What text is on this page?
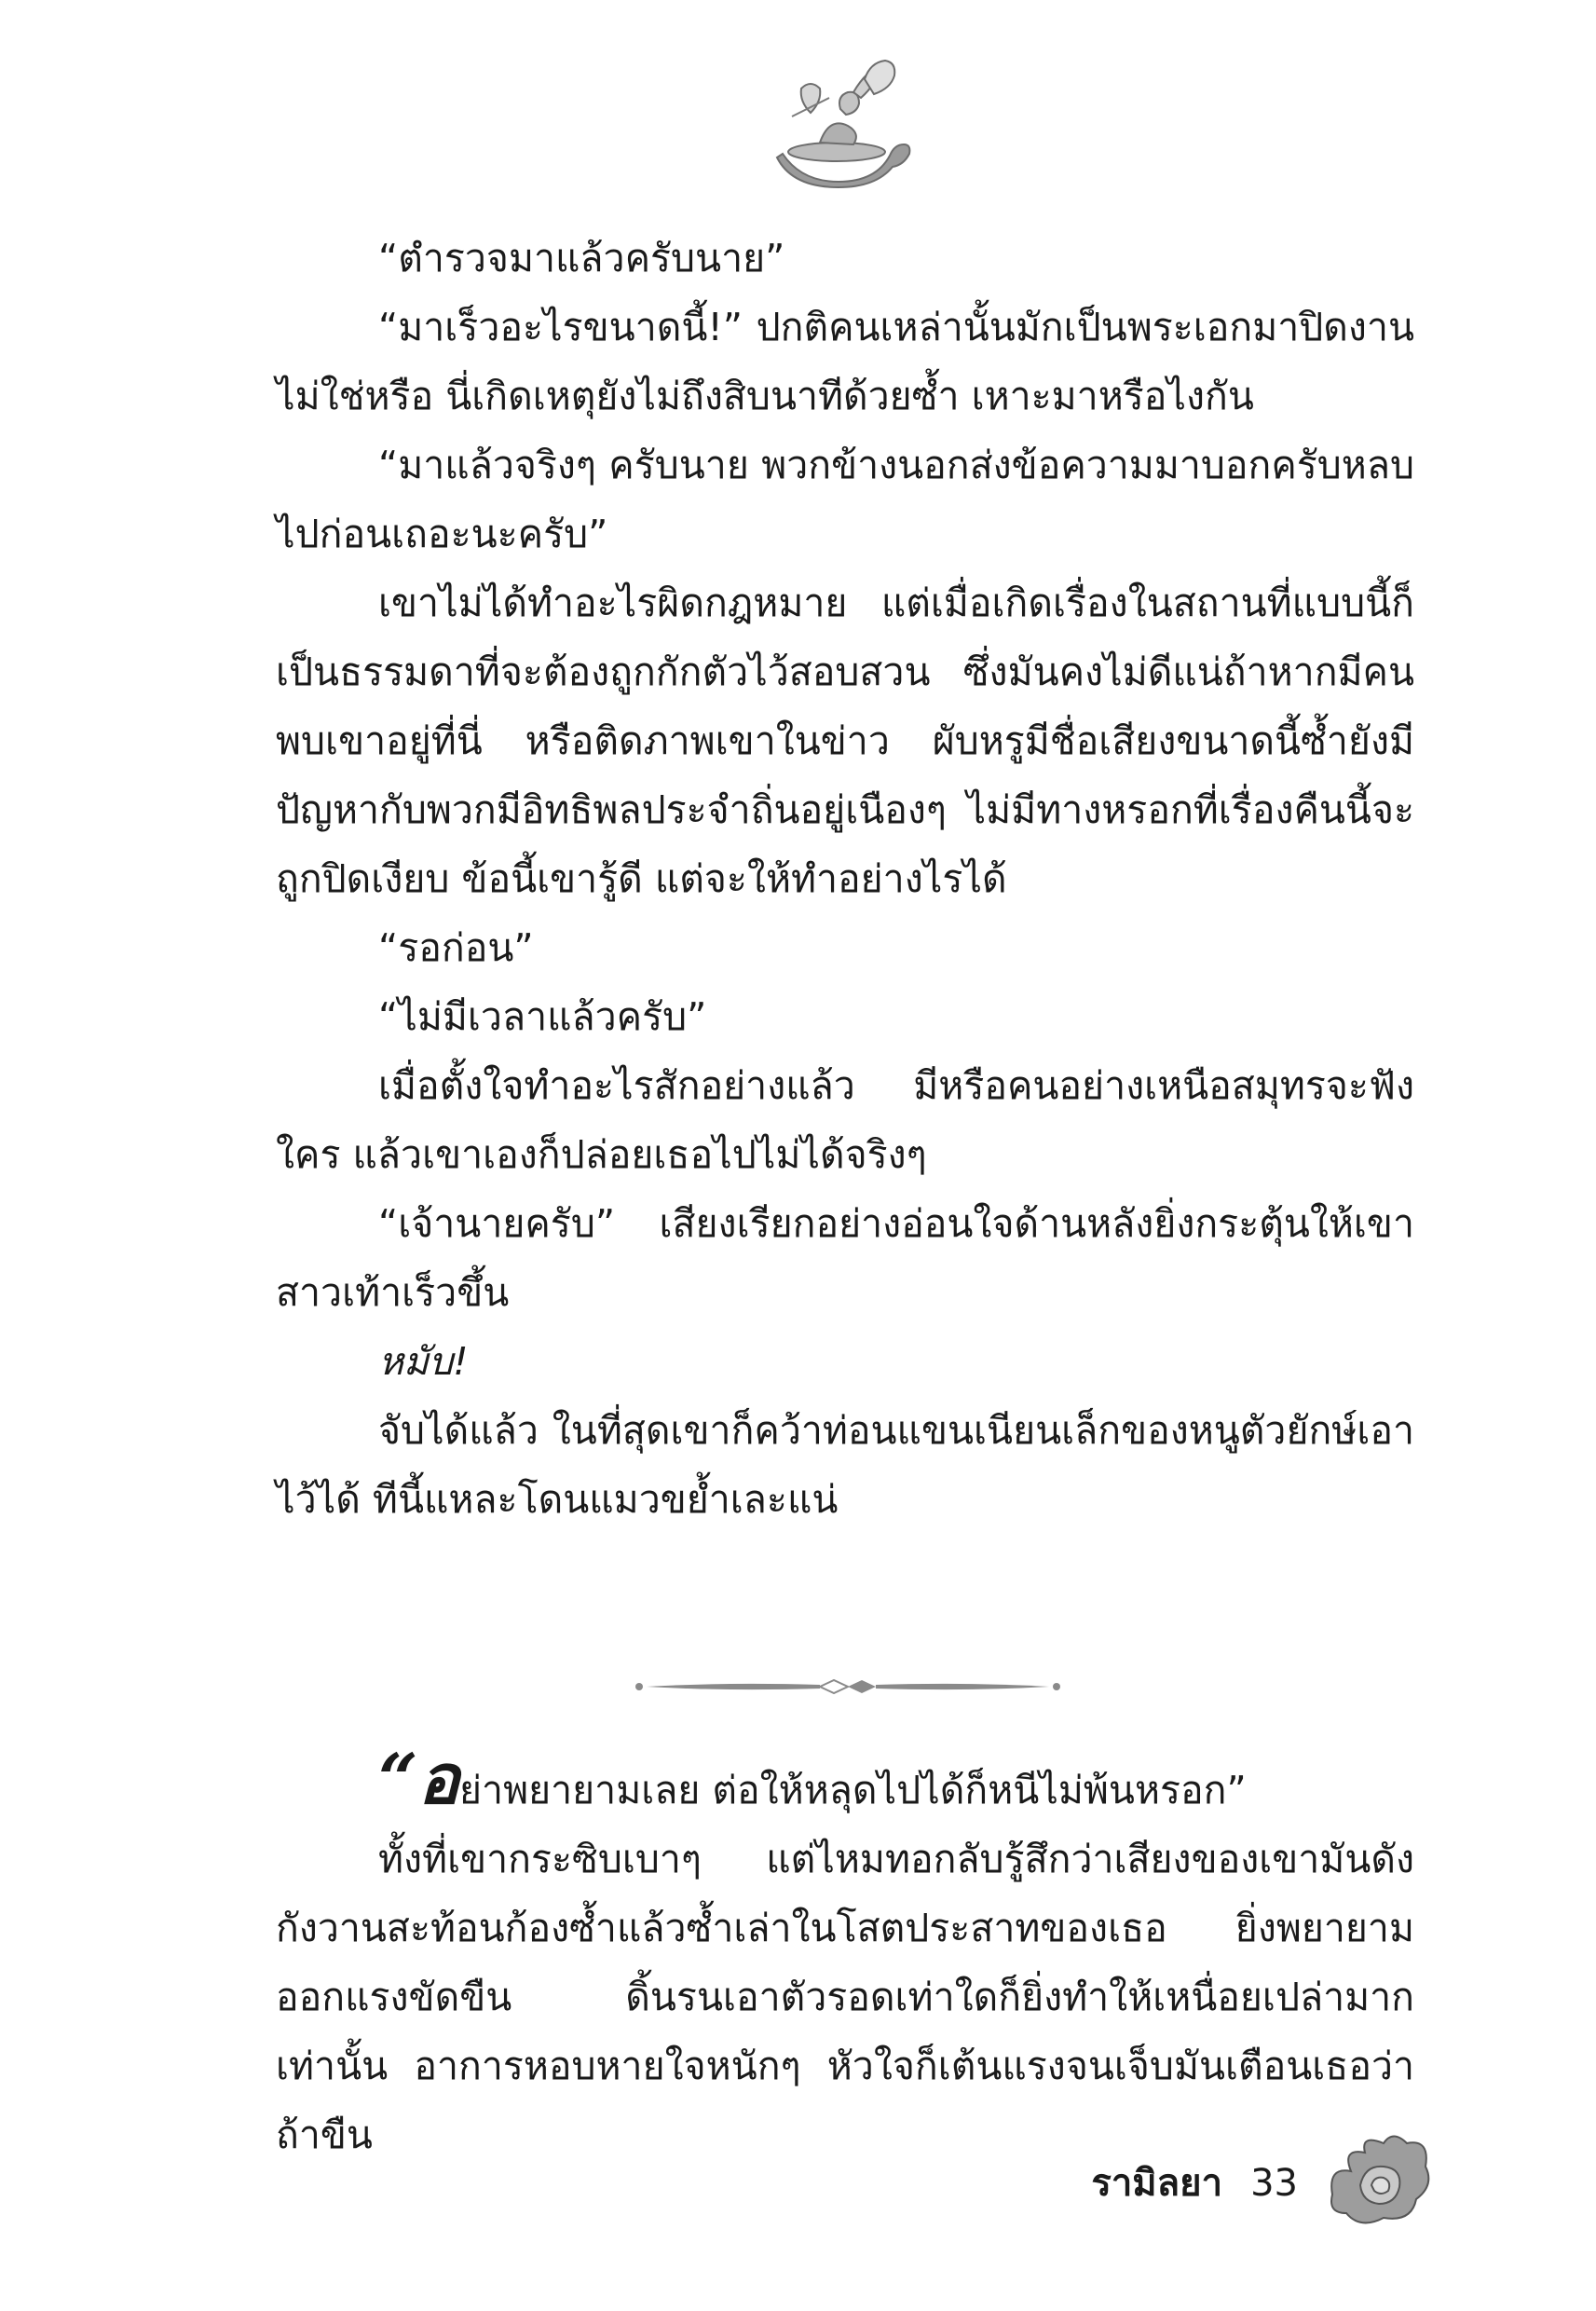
“ตำรวจมาแล้วครับนาย”

“มาเร็วอะไรขนาดนี้!” ปกติคนเหล่านั้นมักเป็นพระเอกมาปิดงานไม่ใช่หรือ นี่เกิดเหตุยังไม่ถึงสิบนาทีด้วยซ้ำ เหาะมาหรือไงกัน

“มาแล้วจริงๆ ครับนาย พวกข้างนอกส่งข้อความมาบอกครับหลบไปก่อนเถอะนะครับ”

เขาไม่ได้ทำอะไรผิดกฎหมาย แต่เมื่อเกิดเรื่องในสถานที่แบบนี้ก็เป็นธรรมดาที่จะต้องถูกกักตัวไว้สอบสวน ซึ่งมันคงไม่ดีแน่ถ้าหากมีคนพบเขาอยู่ที่นี่ หรือติดภาพเขาในข่าว ผับหรูมีชื่อเสียงขนาดนี้ซ้ำยังมีปัญหากับพวกมีอิทธิพลประจำถิ่นอยู่เนืองๆ ไม่มีทางหรอกที่เรื่องคืนนี้จะถูกปิดเงียบ ข้อนี้เขารู้ดี แต่จะให้ทำอย่างไรได้

“รอก่อน”

“ไม่มีเวลาแล้วครับ”

เมื่อตั้งใจทำอะไรสักอย่างแล้ว มีหรือคนอย่างเหนือสมุทรจะฟังใคร แล้วเขาเองก็ปล่อยเธอไปไม่ได้จริงๆ

“เจ้านายครับ” เสียงเรียกอย่างอ่อนใจด้านหลังยิ่งกระตุ้นให้เขาสาวเท้าเร็วขึ้น

หมับ!

จับได้แล้ว ในที่สุดเขาก็คว้าท่อนแขนเนียนเล็กของหนูตัวยักษ์เอาไว้ได้ ทีนี้แหละโดนแมวขย้ำเละแน่

“อย่าพยายามเลย ต่อให้หลุดไปได้ก็หนีไม่พ้นหรอก”

ทั้งที่เขากระซิบเบาๆ แต่ไหมทอกลับรู้สึกว่าเสียงของเขามันดังกังวานสะท้อนก้องซ้ำแล้วซ้ำเล่าในโสตประสาทของเธอ ยิ่งพยายามออกแรงขัดขืน ดิ้นรนเอาตัวรอดเท่าใดก็ยิ่งทำให้เหนื่อยเปล่ามากเท่านั้น อาการหอบหายใจหนักๆ หัวใจก็เต้นแรงจนเจ็บมันเตือนเธอว่า ถ้าขืน

รามิลยา 33
